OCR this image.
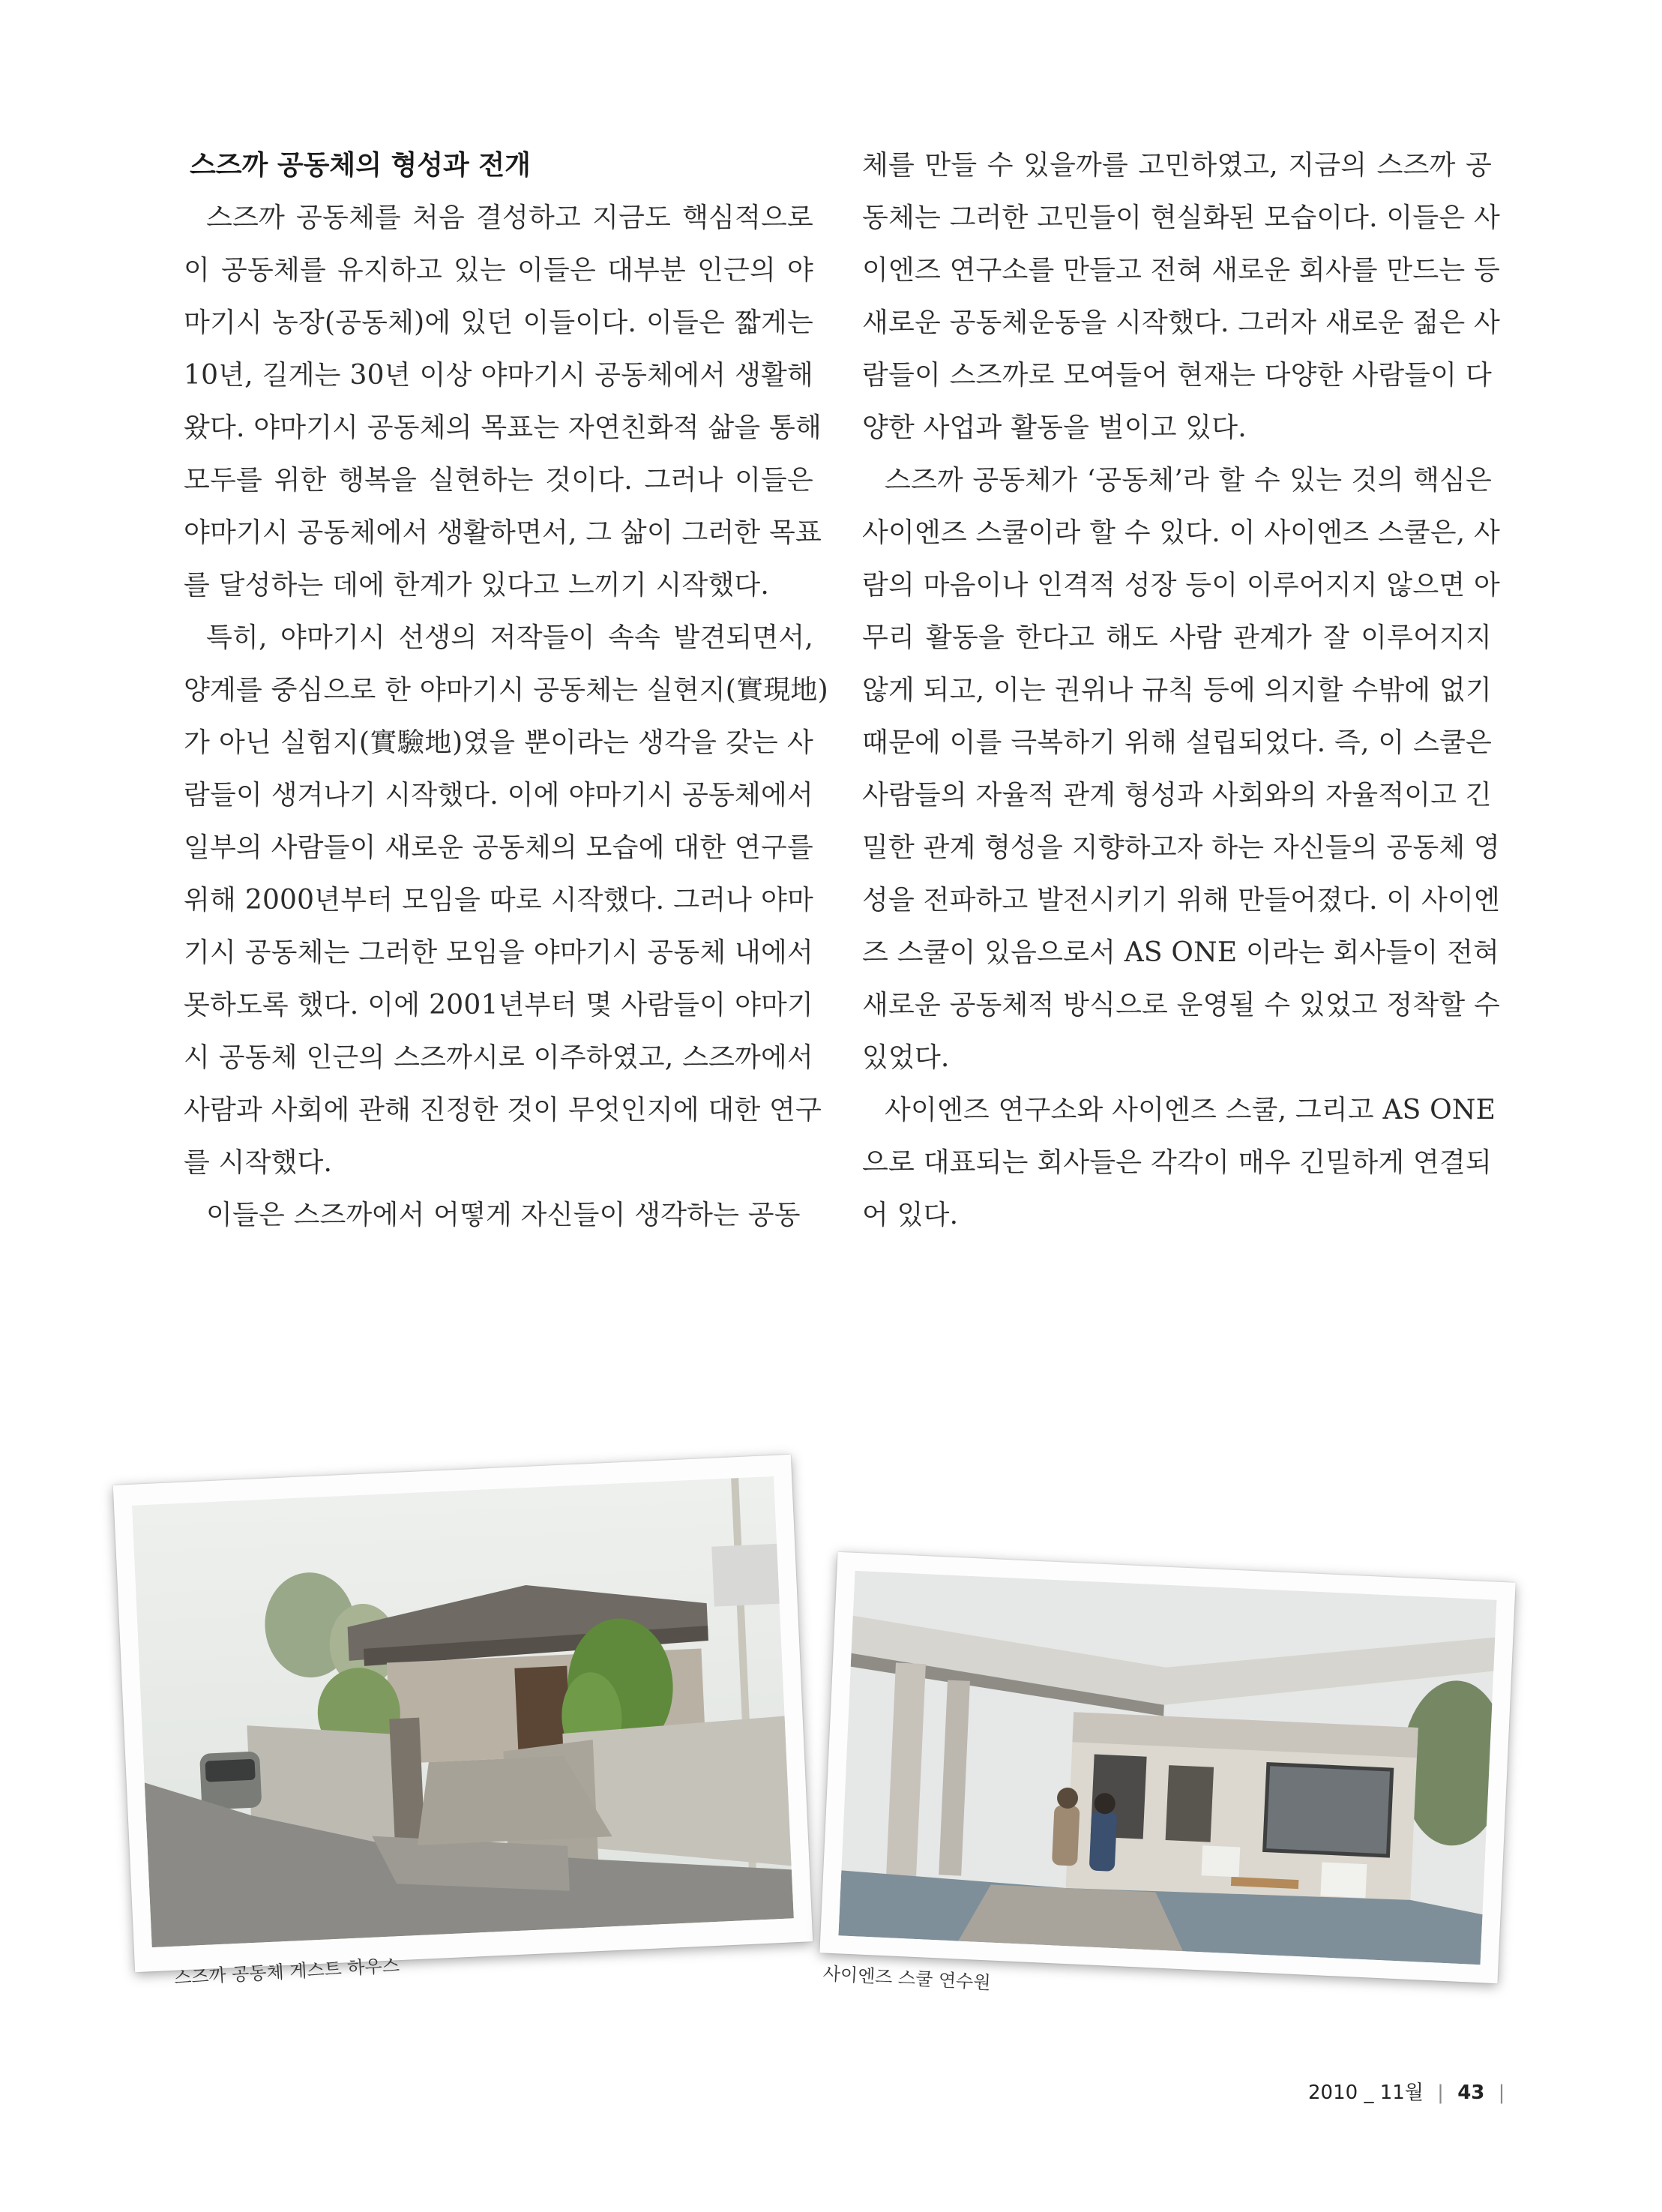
스즈까 공동체의 형성과 전개
스즈까 공동체를 처음 결성하고 지금도 핵심적으로
이 공동체를 유지하고 있는 이들은 대부분 인근의 야
마기시 농장(공동체)에 있던 이들이다. 이들은 짧게는
10년, 길게는 30년 이상 야마기시 공동체에서 생활해
왔다. 야마기시 공동체의 목표는 자연친화적 삶을 통해
모두를 위한 행복을 실현하는 것이다. 그러나 이들은
야마기시 공동체에서 생활하면서, 그 삶이 그러한 목표
를 달성하는 데에 한계가 있다고 느끼기 시작했다.
특히, 야마기시 선생의 저작들이 속속 발견되면서,
양계를 중심으로 한 야마기시 공동체는 실현지(實現地)
가 아닌 실험지(實驗地)였을 뿐이라는 생각을 갖는 사
람들이 생겨나기 시작했다. 이에 야마기시 공동체에서
일부의 사람들이 새로운 공동체의 모습에 대한 연구를
위해 2000년부터 모임을 따로 시작했다. 그러나 야마
기시 공동체는 그러한 모임을 야마기시 공동체 내에서
못하도록 했다. 이에 2001년부터 몇 사람들이 야마기
시 공동체 인근의 스즈까시로 이주하였고, 스즈까에서
사람과 사회에 관해 진정한 것이 무엇인지에 대한 연구
를 시작했다.
이들은 스즈까에서 어떻게 자신들이 생각하는 공동
체를 만들 수 있을까를 고민하였고, 지금의 스즈까 공
동체는 그러한 고민들이 현실화된 모습이다. 이들은 사
이엔즈 연구소를 만들고 전혀 새로운 회사를 만드는 등
새로운 공동체운동을 시작했다. 그러자 새로운 젊은 사
람들이 스즈까로 모여들어 현재는 다양한 사람들이 다
양한 사업과 활동을 벌이고 있다.
스즈까 공동체가 ‘공동체’라 할 수 있는 것의 핵심은
사이엔즈 스쿨이라 할 수 있다. 이 사이엔즈 스쿨은, 사
람의 마음이나 인격적 성장 등이 이루어지지 않으면 아
무리 활동을 한다고 해도 사람 관계가 잘 이루어지지
않게 되고, 이는 권위나 규칙 등에 의지할 수밖에 없기
때문에 이를 극복하기 위해 설립되었다. 즉, 이 스쿨은
사람들의 자율적 관계 형성과 사회와의 자율적이고 긴
밀한 관계 형성을 지향하고자 하는 자신들의 공동체 영
성을 전파하고 발전시키기 위해 만들어졌다. 이 사이엔
즈 스쿨이 있음으로서 AS ONE 이라는 회사들이 전혀
새로운 공동체적 방식으로 운영될 수 있었고 정착할 수
있었다.
사이엔즈 연구소와 사이엔즈 스쿨, 그리고 AS ONE
으로 대표되는 회사들은 각각이 매우 긴밀하게 연결되
어 있다.
스즈까 공동체 게스트 하우스	사이엔즈 스쿨 연수원
2010 _ 11월 | 43 |
